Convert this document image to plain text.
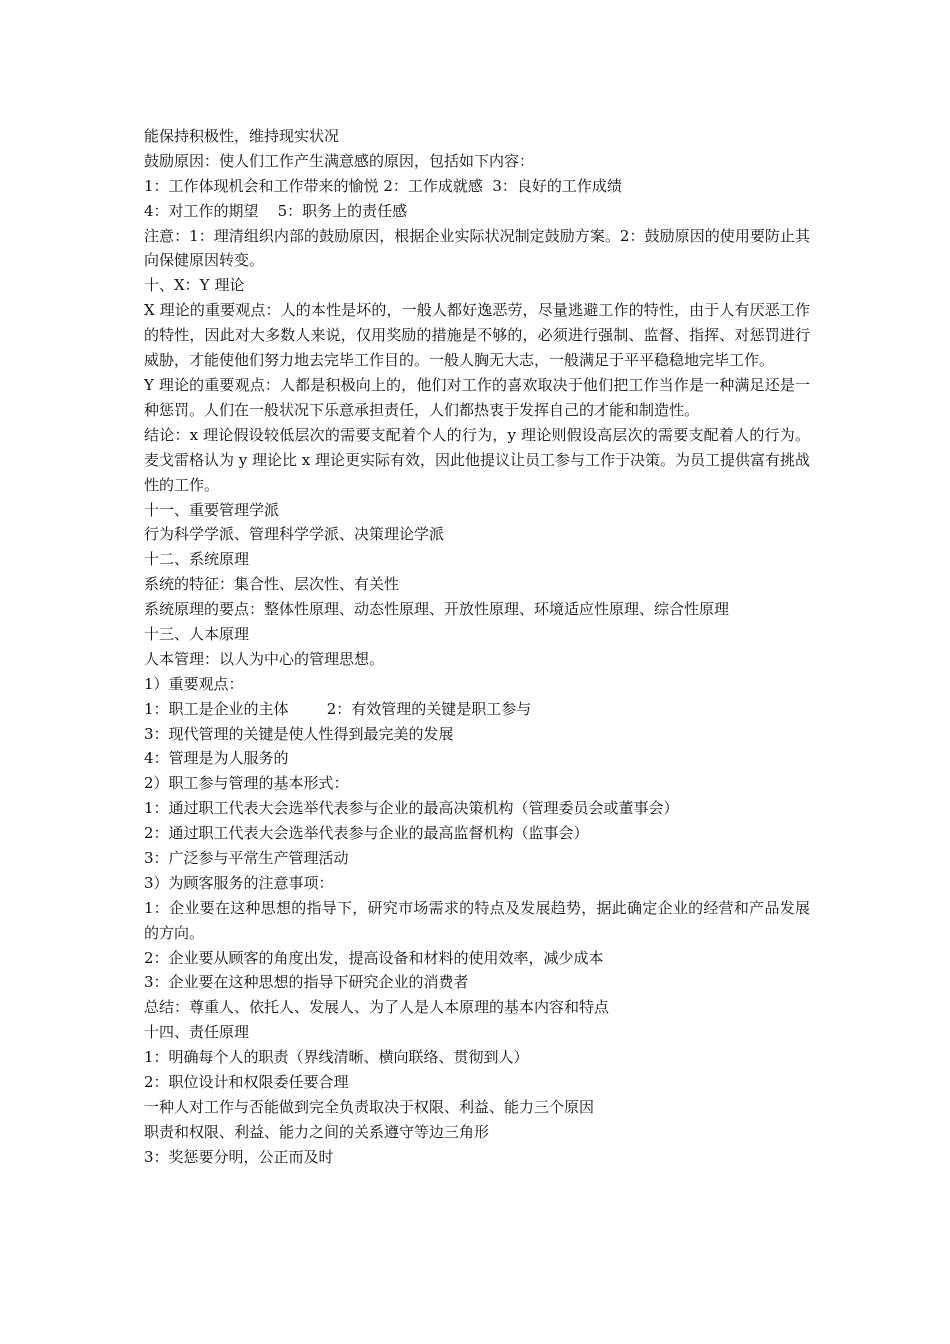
能保持积极性，维持现实状况
鼓励原因：使人们工作产生满意感的原因，包括如下内容：
1：工作体现机会和工作带来的愉悦 2：工作成就感  3：良好的工作成绩
4：对工作的期望    5：职务上的责任感
注意：1：理清组织内部的鼓励原因，根据企业实际状况制定鼓励方案。2：鼓励原因的使用要防止其向保健原因转变。
十、X：Y 理论
X 理论的重要观点：人的本性是坏的，一般人都好逸恶劳，尽量逃避工作的特性，由于人有厌恶工作的特性，因此对大多数人来说，仅用奖励的措施是不够的，必须进行强制、监督、指挥、对惩罚进行威胁，才能使他们努力地去完毕工作目的。一般人胸无大志，一般满足于平平稳稳地完毕工作。
Y 理论的重要观点：人都是积极向上的，他们对工作的喜欢取决于他们把工作当作是一种满足还是一种惩罚。人们在一般状况下乐意承担责任，人们都热衷于发挥自己的才能和制造性。
结论：x 理论假设较低层次的需要支配着个人的行为，y 理论则假设高层次的需要支配着人的行为。麦戈雷格认为 y 理论比 x 理论更实际有效，因此他提议让员工参与工作于决策。为员工提供富有挑战性的工作。
十一、重要管理学派
行为科学学派、管理科学学派、决策理论学派
十二、系统原理
系统的特征：集合性、层次性、有关性
系统原理的要点：整体性原理、动态性原理、开放性原理、环境适应性原理、综合性原理
十三、人本原理
人本管理：以人为中心的管理思想。
1）重要观点：
1：职工是企业的主体        2：有效管理的关键是职工参与
3：现代管理的关键是使人性得到最完美的发展
4：管理是为人服务的
2）职工参与管理的基本形式：
1：通过职工代表大会选举代表参与企业的最高决策机构（管理委员会或董事会）
2：通过职工代表大会选举代表参与企业的最高监督机构（监事会）
3：广泛参与平常生产管理活动
3）为顾客服务的注意事项：
1：企业要在这种思想的指导下，研究市场需求的特点及发展趋势，据此确定企业的经营和产品发展的方向。
2：企业要从顾客的角度出发，提高设备和材料的使用效率，减少成本
3：企业要在这种思想的指导下研究企业的消费者
总结：尊重人、依托人、发展人、为了人是人本原理的基本内容和特点
十四、责任原理
1：明确每个人的职责（界线清晰、横向联络、贯彻到人）
2：职位设计和权限委任要合理
一种人对工作与否能做到完全负责取决于权限、利益、能力三个原因
职责和权限、利益、能力之间的关系遵守等边三角形
3：奖惩要分明，公正而及时
